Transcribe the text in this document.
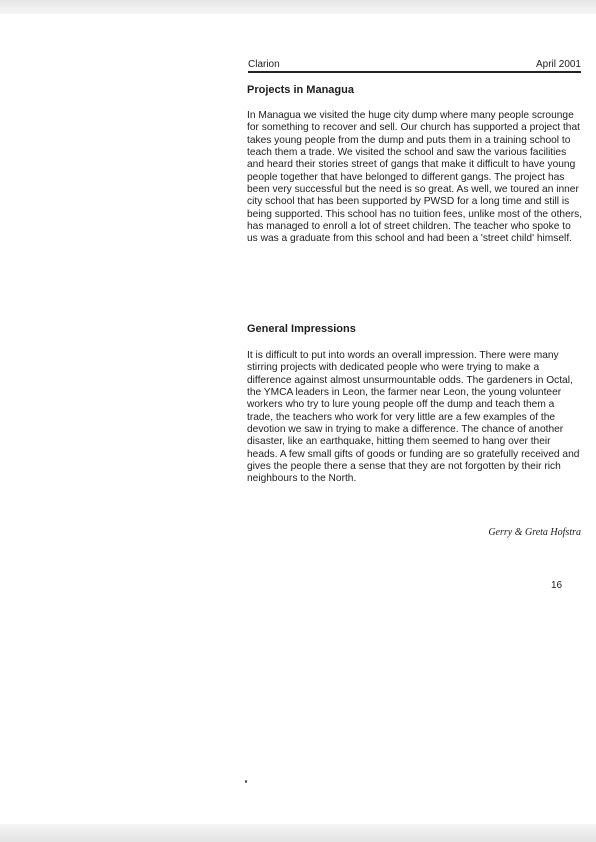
Clarion	April 2001
Projects in Managua

In Managua we visited the huge city dump where many people scrounge for something to recover and sell. Our church has supported a project that takes young people from the dump and puts them in a training school to teach them a trade. We visited the school and saw the various facilities and heard their stories street of gangs that make it difficult to have young people together that have belonged to different gangs. The project has been very successful but the need is so great. As well, we toured an inner city school that has been supported by PWSD for a long time and still is being supported. This school has no tuition fees, unlike most of the others, has managed to enroll a lot of street children. The teacher who spoke to us was a graduate from this school and had been a 'street child' himself.

General Impressions

It is difficult to put into words an overall impression. There were many stirring projects with dedicated people who were trying to make a difference against almost unsurmountable odds. The gardeners in Octal, the YMCA leaders in Leon, the farmer near Leon, the young volunteer workers who try to lure young people off the dump and teach them a trade, the teachers who work for very little are a few examples of the devotion we saw in trying to make a difference. The chance of another disaster, like an earthquake, hitting them seemed to hang over their heads. A few small gifts of goods or funding are so gratefully received and gives the people there a sense that they are not forgotten by their rich neighbours to the North.

Gerry & Greta Hofstra
16
